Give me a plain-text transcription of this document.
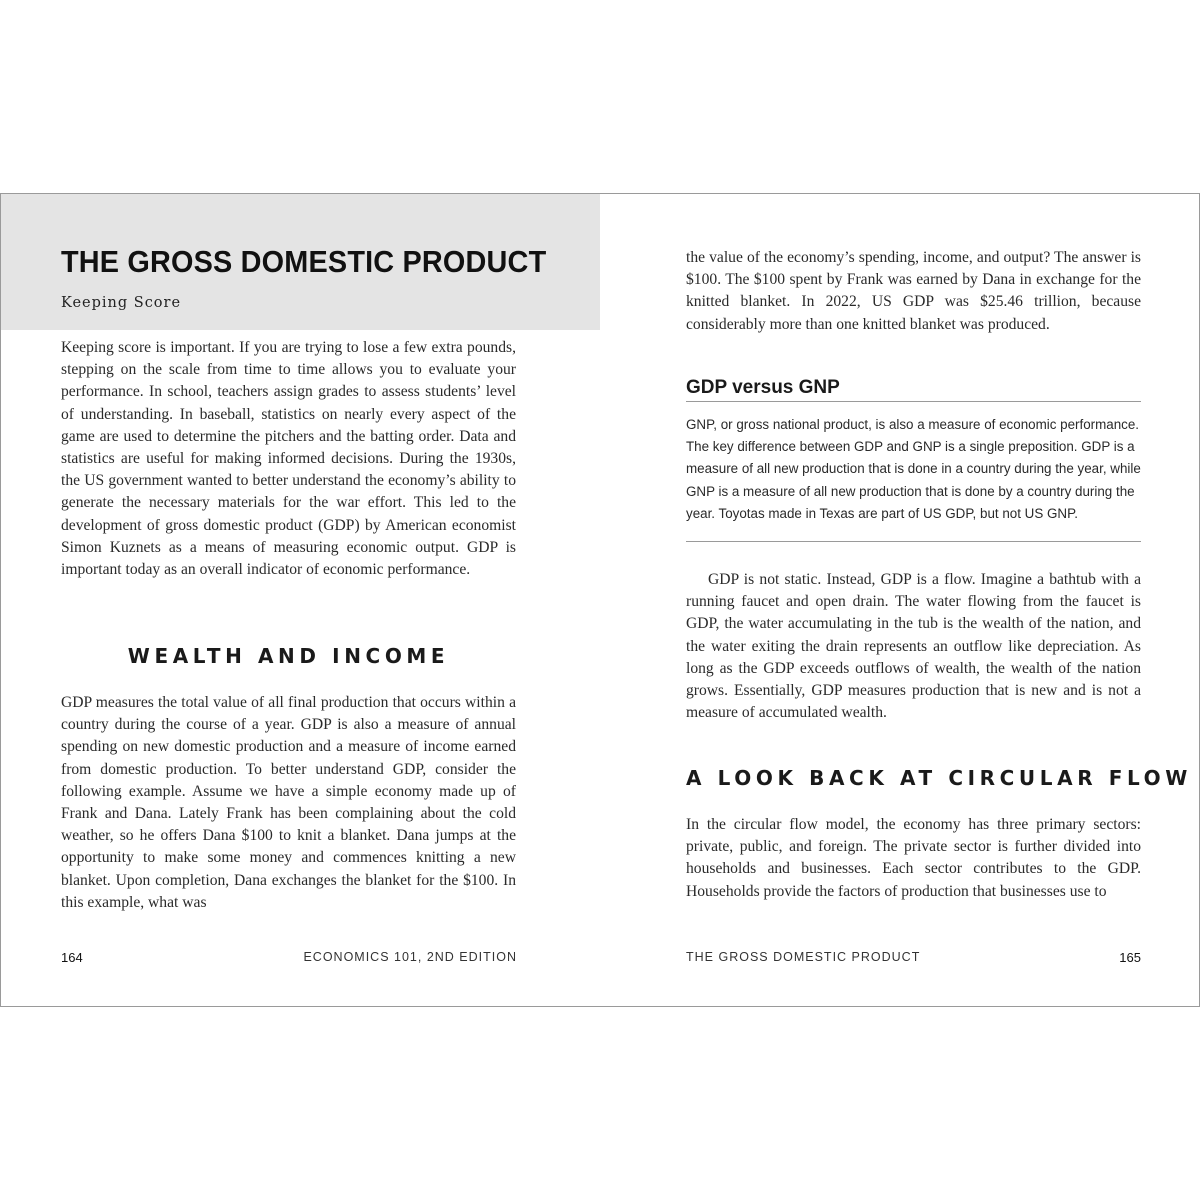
THE GROSS DOMESTIC PRODUCT

Keeping Score

Keeping score is important. If you are trying to lose a few extra pounds, stepping on the scale from time to time allows you to evaluate your performance. In school, teachers assign grades to assess students’ level of understanding. In baseball, statistics on nearly every aspect of the game are used to determine the pitchers and the batting order. Data and statistics are useful for making informed decisions. During the 1930s, the US government wanted to better understand the economy’s ability to generate the necessary materials for the war effort. This led to the development of gross domestic product (GDP) by American economist Simon Kuznets as a means of measuring economic output. GDP is important today as an overall indicator of economic performance.

WEALTH AND INCOME

GDP measures the total value of all final production that occurs within a country during the course of a year. GDP is also a measure of annual spending on new domestic production and a measure of income earned from domestic production. To better understand GDP, consider the following example. Assume we have a simple economy made up of Frank and Dana. Lately Frank has been complaining about the cold weather, so he offers Dana $100 to knit a blanket. Dana jumps at the opportunity to make some money and commences knitting a new blanket. Upon completion, Dana exchanges the blanket for the $100. In this example, what was

164	ECONOMICS 101, 2ND EDITION

the value of the economy’s spending, income, and output? The answer is $100. The $100 spent by Frank was earned by Dana in exchange for the knitted blanket. In 2022, US GDP was $25.46 trillion, because considerably more than one knitted blanket was produced.

GDP versus GNP

GNP, or gross national product, is also a measure of economic performance. The key difference between GDP and GNP is a single preposition. GDP is a measure of all new production that is done in a country during the year, while GNP is a measure of all new production that is done by a country during the year. Toyotas made in Texas are part of US GDP, but not US GNP.

GDP is not static. Instead, GDP is a flow. Imagine a bathtub with a running faucet and open drain. The water flowing from the faucet is GDP, the water accumulating in the tub is the wealth of the nation, and the water exiting the drain represents an outflow like depreciation. As long as the GDP exceeds outflows of wealth, the wealth of the nation grows. Essentially, GDP measures production that is new and is not a measure of accumulated wealth.

A LOOK BACK AT CIRCULAR FLOW

In the circular flow model, the economy has three primary sectors: private, public, and foreign. The private sector is further divided into households and businesses. Each sector contributes to the GDP. Households provide the factors of production that businesses use to

THE GROSS DOMESTIC PRODUCT	165
